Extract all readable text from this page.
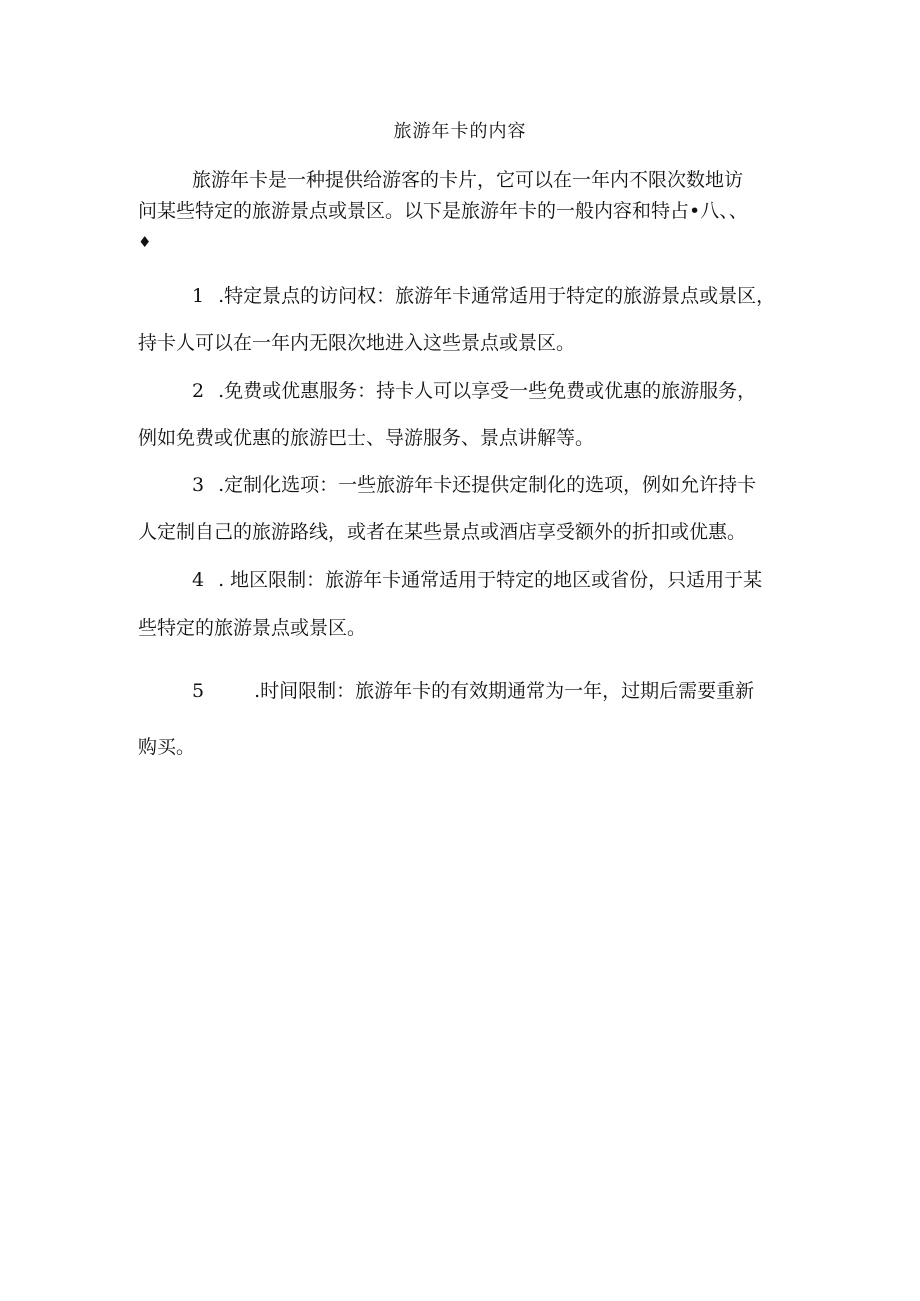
旅游年卡的内容
旅游年卡是一种提供给游客的卡片，它可以在一年内不限次数地访
问某些特定的旅游景点或景区。以下是旅游年卡的一般内容和特占•八、、
♦
1 .特定景点的访问权：旅游年卡通常适用于特定的旅游景点或景区，
持卡人可以在一年内无限次地进入这些景点或景区。
2 .免费或优惠服务：持卡人可以享受一些免费或优惠的旅游服务，
例如免费或优惠的旅游巴士、导游服务、景点讲解等。
3 .定制化选项：一些旅游年卡还提供定制化的选项，例如允许持卡
人定制自己的旅游路线，或者在某些景点或酒店享受额外的折扣或优惠。
4 . 地区限制：旅游年卡通常适用于特定的地区或省份，只适用于某
些特定的旅游景点或景区。
5	.时间限制：旅游年卡的有效期通常为一年，过期后需要重新
购买。
